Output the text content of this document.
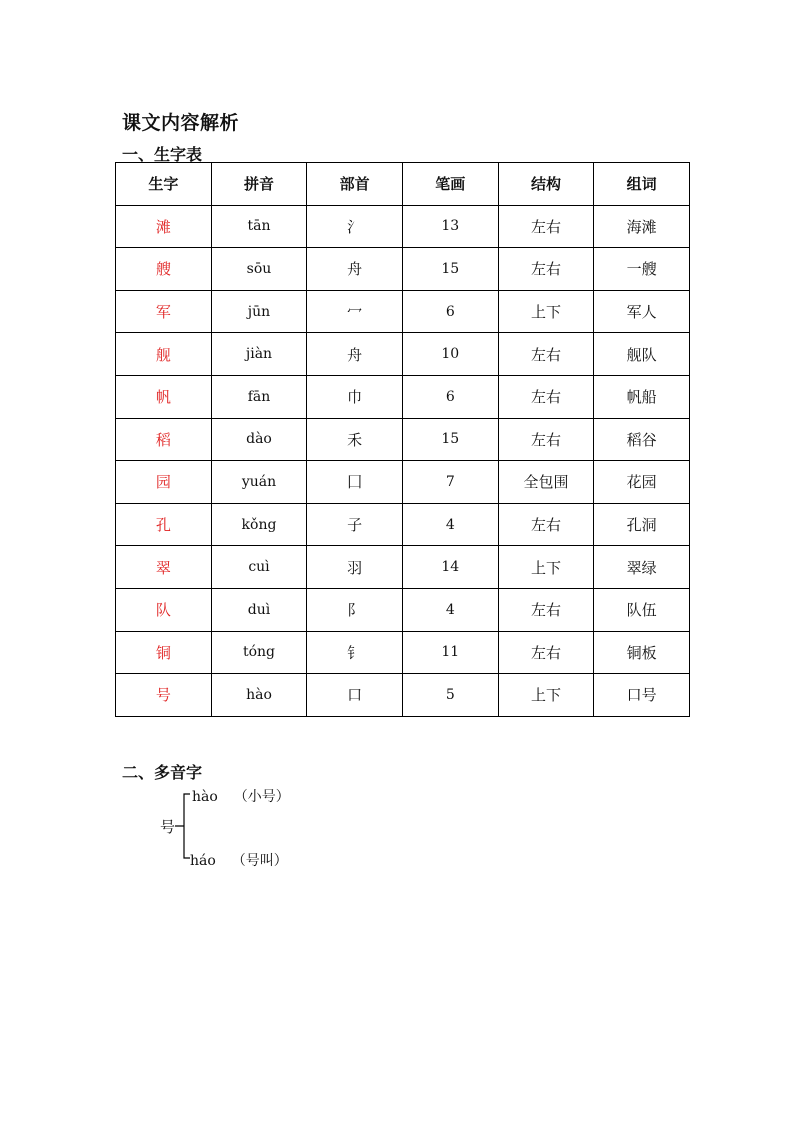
课文内容解析
一、生字表
生字	拼音	部首	笔画	结构	组词
滩	tān	氵	13	左右	海滩
艘	sōu	舟	15	左右	一艘
军	jūn	冖	6	上下	军人
舰	jiàn	舟	10	左右	舰队
帆	fān	巾	6	左右	帆船
稻	dào	禾	15	左右	稻谷
园	yuán	囗	7	全包围	花园
孔	kǒng	子	4	左右	孔洞
翠	cuì	羽	14	上下	翠绿
队	duì	阝	4	左右	队伍
铜	tóng	钅	11	左右	铜板
号	hào	口	5	上下	口号
二、多音字
号
hào （小号）
háo （号叫）
